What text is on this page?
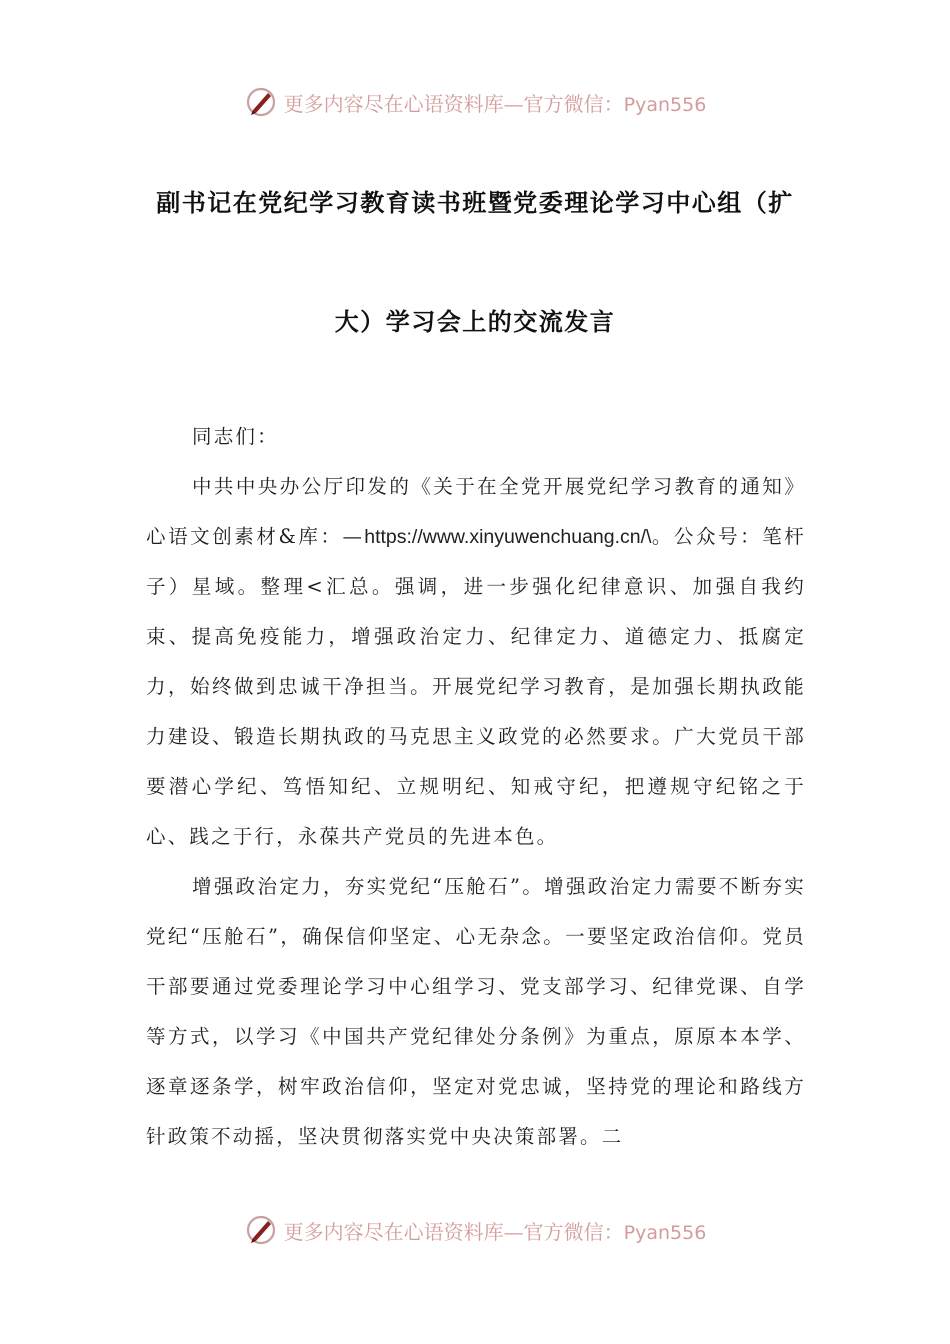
更多内容尽在心语资料库—官方微信：Pyan556
副书记在党纪学习教育读书班暨党委理论学习中心组（扩
大）学习会上的交流发言

同志们：

中共中央办公厅印发的《关于在全党开展党纪学习教育的通知》心语文创素材&库：—https://www.xinyuwenchuang.cn/\。公众号：笔杆子）星域。整理<汇总。强调，进一步强化纪律意识、加强自我约束、提高免疫能力，增强政治定力、纪律定力、道德定力、抵腐定力，始终做到忠诚干净担当。开展党纪学习教育，是加强长期执政能力建设、锻造长期执政的马克思主义政党的必然要求。广大党员干部要潜心学纪、笃悟知纪、立规明纪、知戒守纪，把遵规守纪铭之于心、践之于行，永葆共产党员的先进本色。

增强政治定力，夯实党纪“压舱石”。增强政治定力需要不断夯实党纪“压舱石”，确保信仰坚定、心无杂念。一要坚定政治信仰。党员干部要通过党委理论学习中心组学习、党支部学习、纪律党课、自学等方式，以学习《中国共产党纪律处分条例》为重点，原原本本学、逐章逐条学，树牢政治信仰，坚定对党忠诚，坚持党的理论和路线方针政策不动摇，坚决贯彻落实党中央决策部署。二

更多内容尽在心语资料库—官方微信：Pyan556
